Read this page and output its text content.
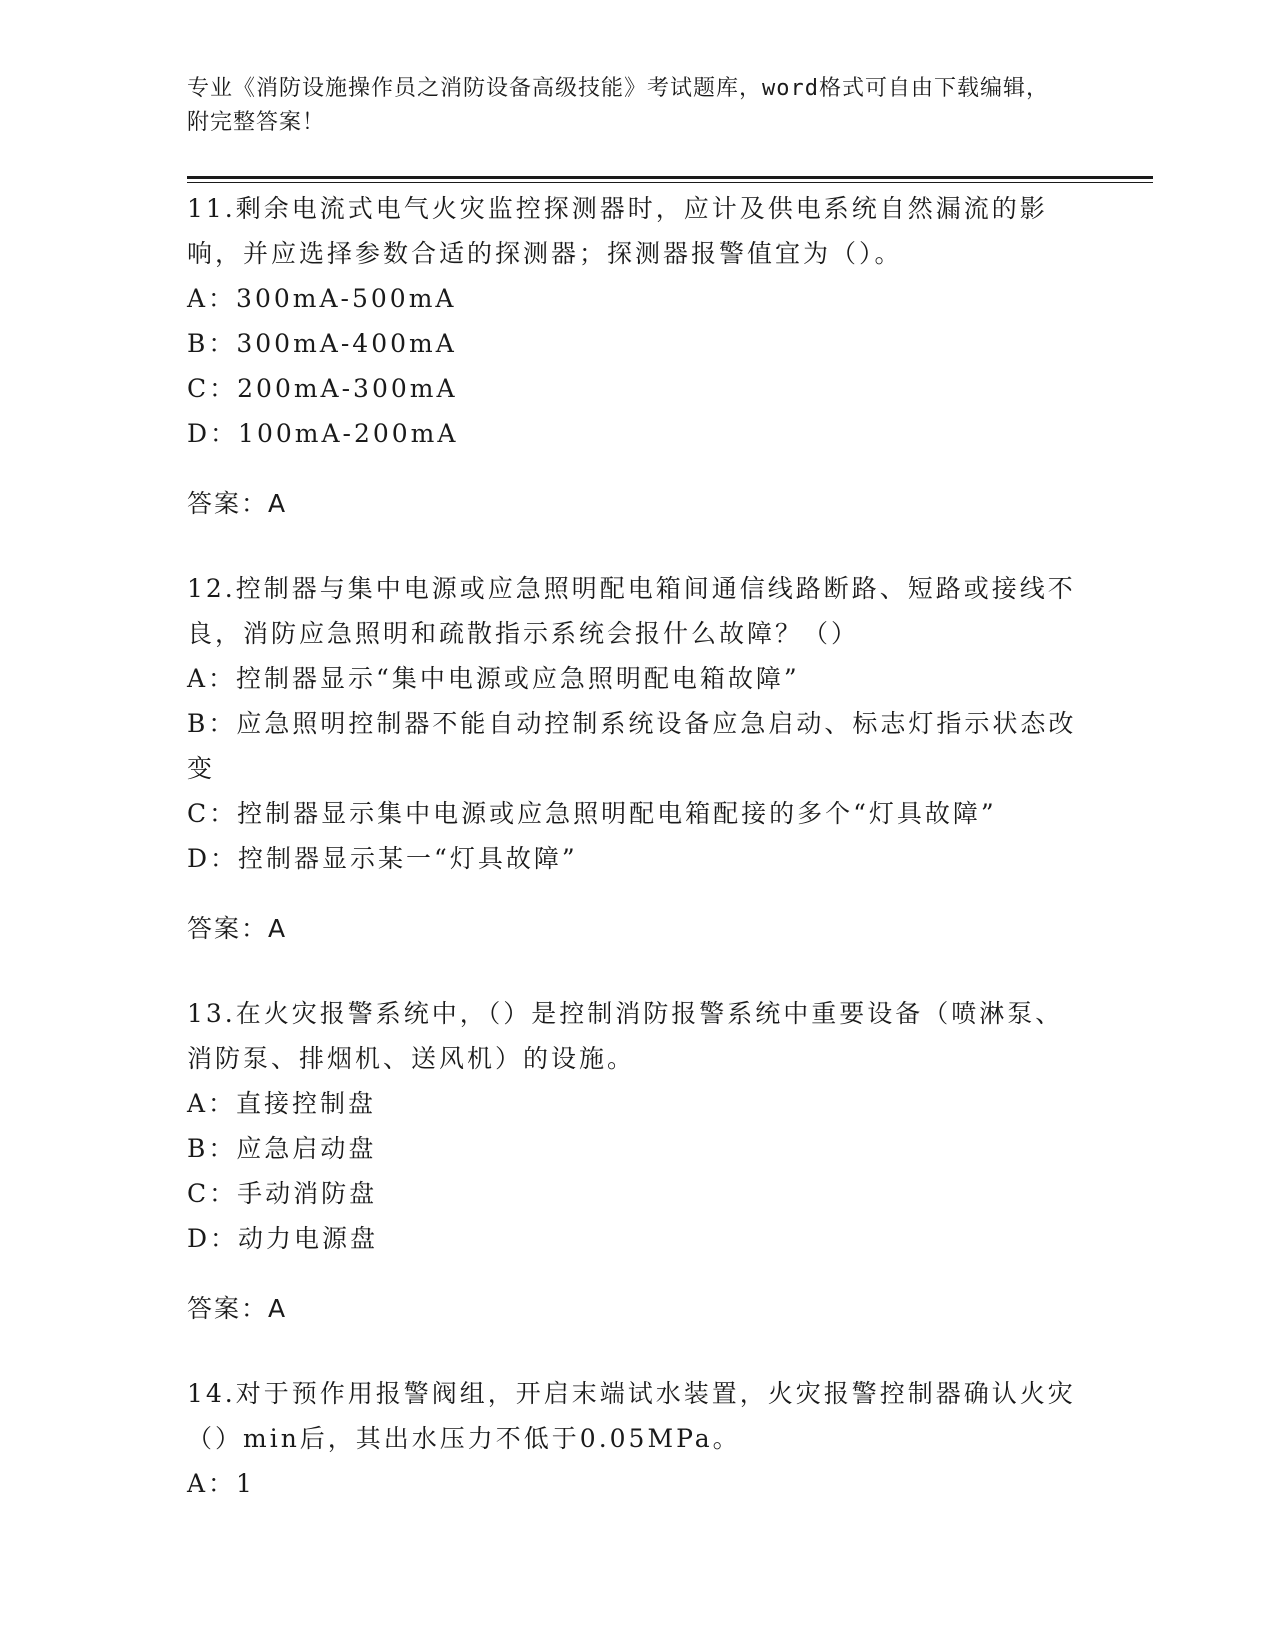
专业《消防设施操作员之消防设备高级技能》考试题库，word格式可自由下载编辑，附完整答案！

11.剩余电流式电气火灾监控探测器时，应计及供电系统自然漏流的影响，并应选择参数合适的探测器；探测器报警值宜为（）。

A：300mA-500mA

B：300mA-400mA

C：200mA-300mA

D：100mA-200mA

答案：A

12.控制器与集中电源或应急照明配电箱间通信线路断路、短路或接线不良，消防应急照明和疏散指示系统会报什么故障？（）

A：控制器显示“集中电源或应急照明配电箱故障”

B：应急照明控制器不能自动控制系统设备应急启动、标志灯指示状态改变

C：控制器显示集中电源或应急照明配电箱配接的多个“灯具故障”

D：控制器显示某一“灯具故障”

答案：A

13.在火灾报警系统中，（）是控制消防报警系统中重要设备（喷淋泵、消防泵、排烟机、送风机）的设施。

A：直接控制盘

B：应急启动盘

C：手动消防盘

D：动力电源盘

答案：A

14.对于预作用报警阀组，开启末端试水装置，火灾报警控制器确认火灾（）min后，其出水压力不低于0.05MPa。

A：1
